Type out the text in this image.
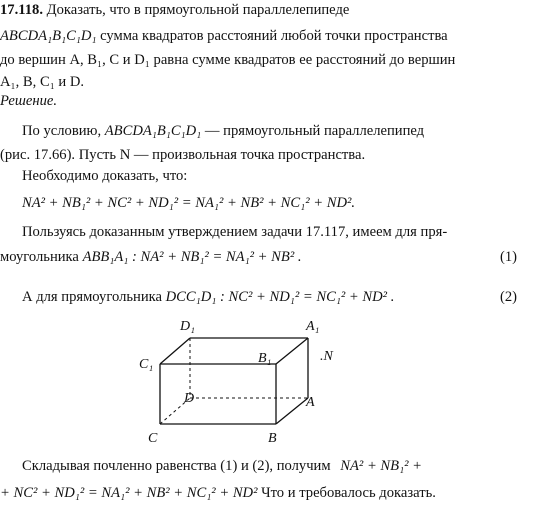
17.118. Доказать, что в прямоугольной параллелепипеде
ABCDA₁B₁C₁D₁ сумма квадратов расстояний любой точки пространства
до вершин A, B₁, C и D₁ равна сумме квадратов ее расстояний до вершин
A₁, B, C₁ и D.
Решение.
По условию, ABCDA₁B₁C₁D₁ — прямоугольный параллелепипед
(рис. 17.66). Пусть N — произвольная точка пространства.
Необходимо доказать, что:
NA² + NB₁² + NC² + ND₁² = NA₁² + NB² + NC₁² + ND².
Пользуясь доказанным утверждением задачи 17.117, имеем для пря-
моугольника ABB₁A₁ : NA² + NB₁² = NA₁² + NB² .	(1)
А для прямоугольника DCC₁D₁ : NC² + ND₁² = NC₁² + ND² .	(2)
D₁	A₁
C₁	B₁	.N
D	A
C	B
Складывая почленно равенства (1) и (2), получим NA² + NB₁² +
+ NC² + ND₁² = NA₁² + NB² + NC₁² + ND² Что и требовалось доказать.
